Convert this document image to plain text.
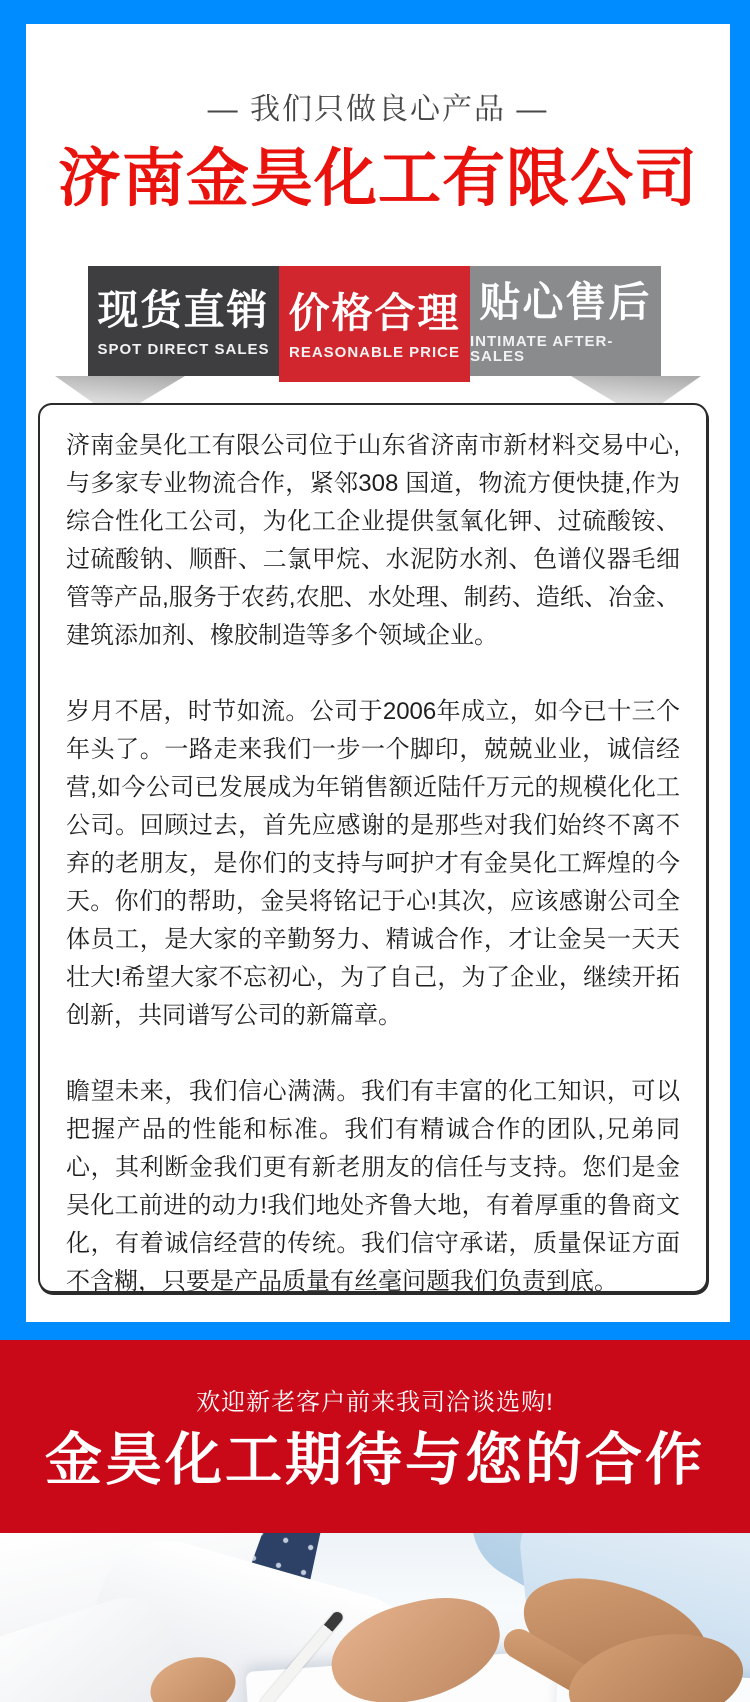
— 我们只做良心产品 —
济南金昊化工有限公司
现货直销
SPOT DIRECT SALES
价格合理
REASONABLE PRICE
贴心售后
INTIMATE AFTER-SALES

济南金昊化工有限公司位于山东省济南市新材料交易中心,与多家专业物流合作，紧邻308 国道，物流方便快捷,作为综合性化工公司，为化工企业提供氢氧化钾、过硫酸铵、过硫酸钠、顺酐、二氯甲烷、水泥防水剂、色谱仪器毛细管等产品,服务于农药,农肥、水处理、制药、造纸、冶金、建筑添加剂、橡胶制造等多个领域企业。

岁月不居，时节如流。公司于2006年成立，如今已十三个年头了。一路走来我们一步一个脚印，兢兢业业，诚信经营,如今公司已发展成为年销售额近陆仟万元的规模化化工公司。回顾过去，首先应感谢的是那些对我们始终不离不弃的老朋友，是你们的支持与呵护才有金昊化工辉煌的今天。你们的帮助，金吴将铭记于心!其次，应该感谢公司全体员工，是大家的辛勤努力、精诚合作，才让金吴一天天壮大!希望大家不忘初心，为了自己，为了企业，继续开拓创新，共同谱写公司的新篇章。

瞻望未来，我们信心满满。我们有丰富的化工知识，可以把握产品的性能和标准。我们有精诚合作的团队,兄弟同心，其利断金我们更有新老朋友的信任与支持。您们是金吴化工前进的动力!我们地处齐鲁大地，有着厚重的鲁商文化，有着诚信经营的传统。我们信守承诺，质量保证方面不含糊，只要是产品质量有丝毫问题我们负责到底。

欢迎新老客户前来我司洽谈选购!
金昊化工期待与您的合作
